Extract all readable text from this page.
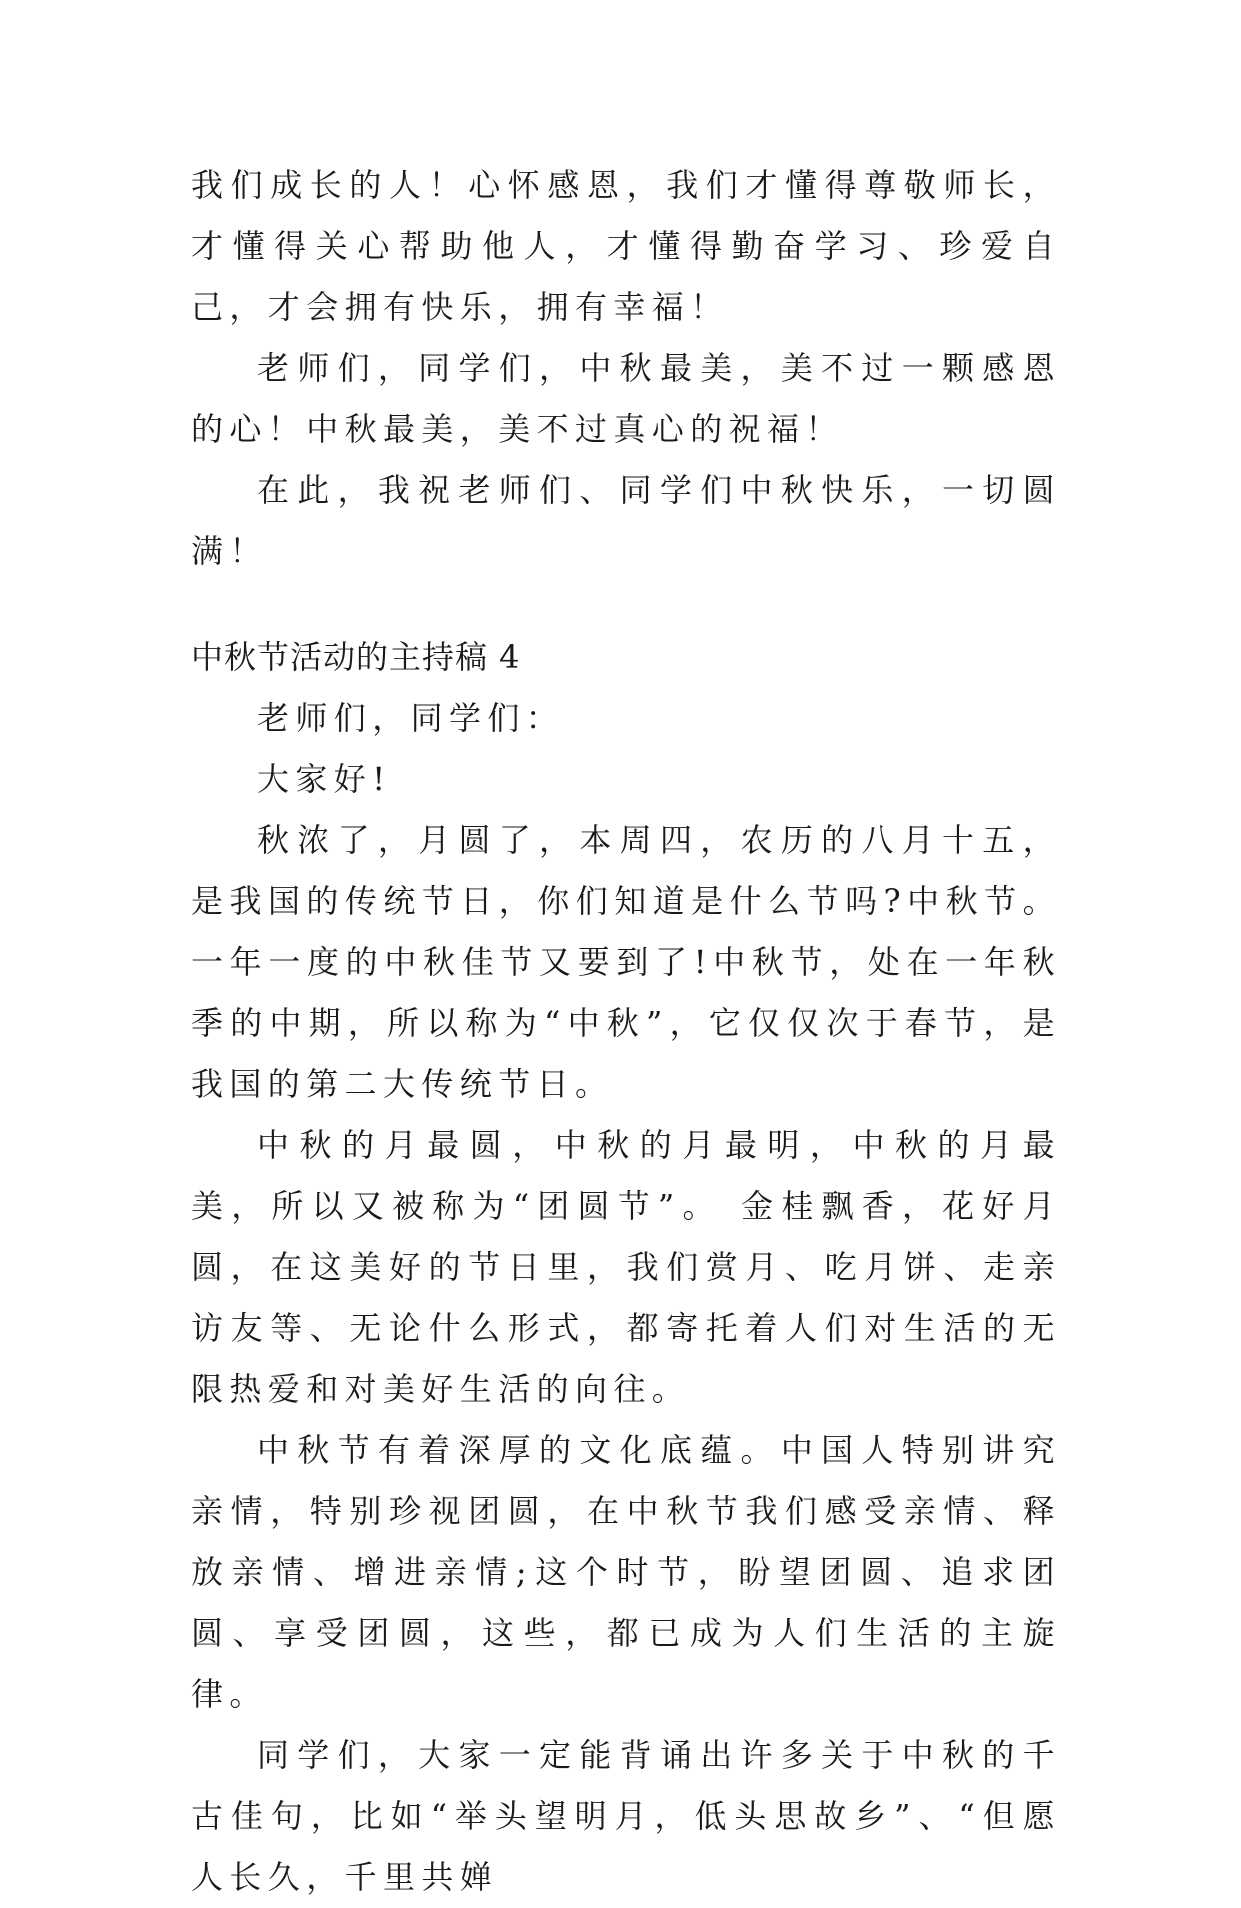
我们成长的人！心怀感恩，我们才懂得尊敬师长，才懂得关心帮助他人，才懂得勤奋学习、珍爱自己，才会拥有快乐，拥有幸福！

老师们，同学们，中秋最美，美不过一颗感恩的心！中秋最美，美不过真心的祝福！

在此，我祝老师们、同学们中秋快乐，一切圆满！

中秋节活动的主持稿 4

老师们，同学们：

大家好!

秋浓了，月圆了，本周四，农历的八月十五，是我国的传统节日，你们知道是什么节吗?中秋节。一年一度的中秋佳节又要到了!中秋节，处在一年秋季的中期，所以称为“中秋”，它仅仅次于春节，是我国的第二大传统节日。

中秋的月最圆，中秋的月最明，中秋的月最美，所以又被称为“团圆节”。 金桂飘香，花好月圆，在这美好的节日里，我们赏月、吃月饼、走亲访友等、无论什么形式，都寄托着人们对生活的无限热爱和对美好生活的向往。

中秋节有着深厚的文化底蕴。中国人特别讲究亲情，特别珍视团圆，在中秋节我们感受亲情、释放亲情、增进亲情;这个时节，盼望团圆、追求团圆、享受团圆，这些，都已成为人们生活的主旋律。

同学们，大家一定能背诵出许多关于中秋的千古佳句，比如“举头望明月，低头思故乡”、“但愿人长久，千里共婵
